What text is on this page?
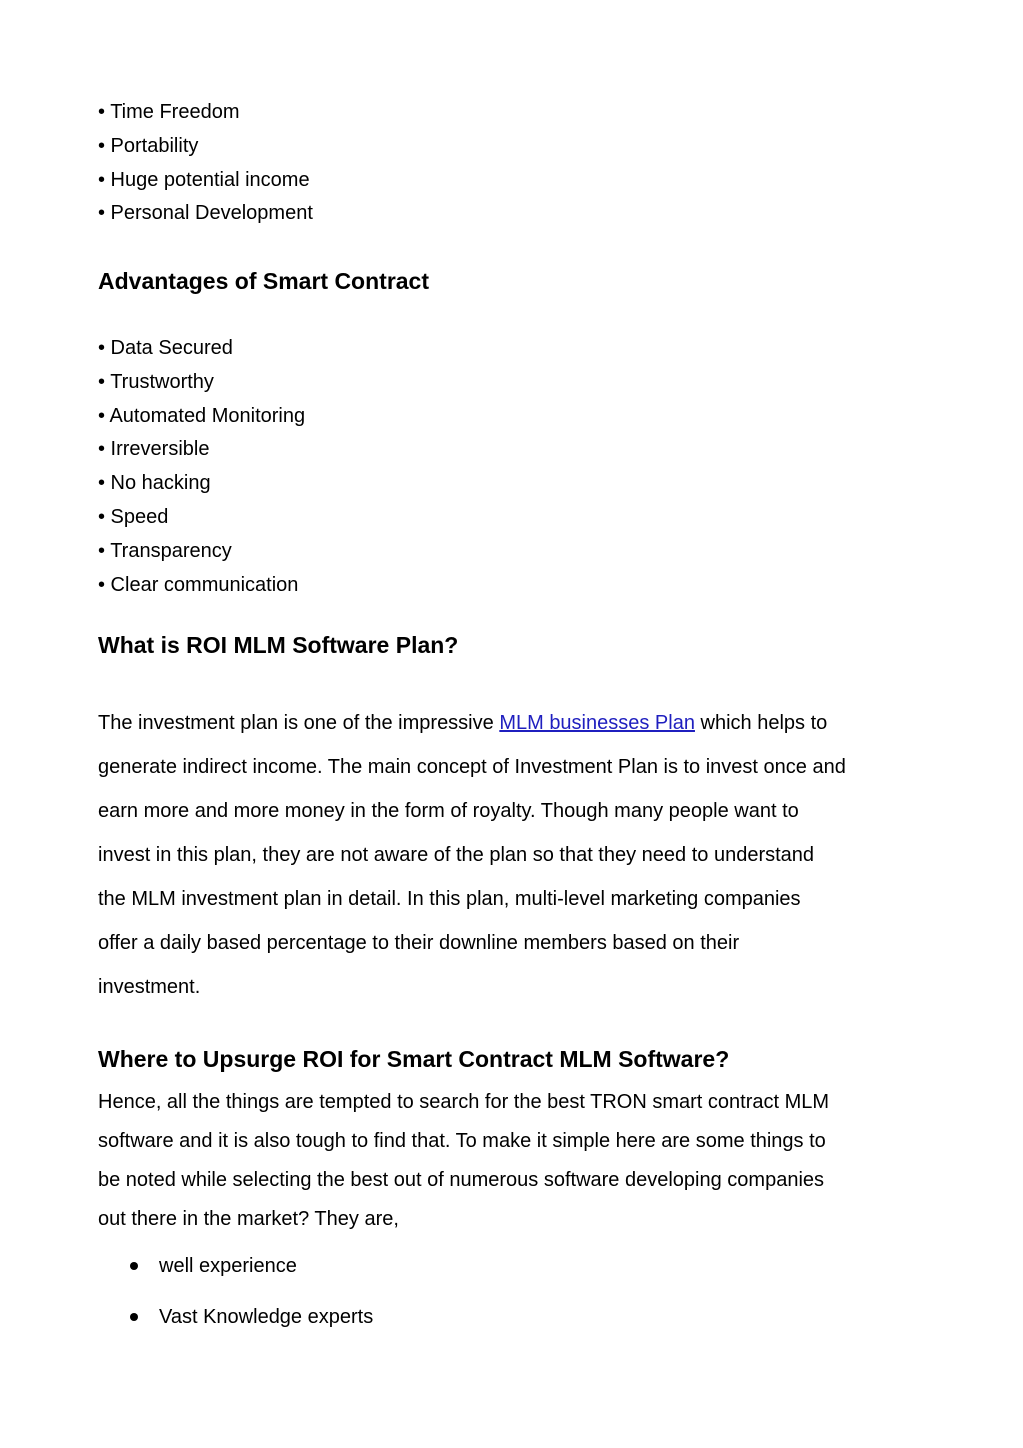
• Time Freedom
• Portability
• Huge potential income
• Personal Development
Advantages of Smart Contract
• Data Secured
• Trustworthy
• Automated Monitoring
• Irreversible
• No hacking
• Speed
• Transparency
• Clear communication
What is ROI MLM Software Plan?
The investment plan is one of the impressive MLM businesses Plan which helps to
generate indirect income. The main concept of Investment Plan is to invest once and
earn more and more money in the form of royalty. Though many people want to
invest in this plan, they are not aware of the plan so that they need to understand
the MLM investment plan in detail. In this plan, multi-level marketing companies
offer a daily based percentage to their downline members based on their
investment.
Where to Upsurge ROI for Smart Contract MLM Software?
Hence, all the things are tempted to search for the best TRON smart contract MLM
software and it is also tough to find that. To make it simple here are some things to
be noted while selecting the best out of numerous software developing companies
out there in the market? They are,
well experience
Vast Knowledge experts
